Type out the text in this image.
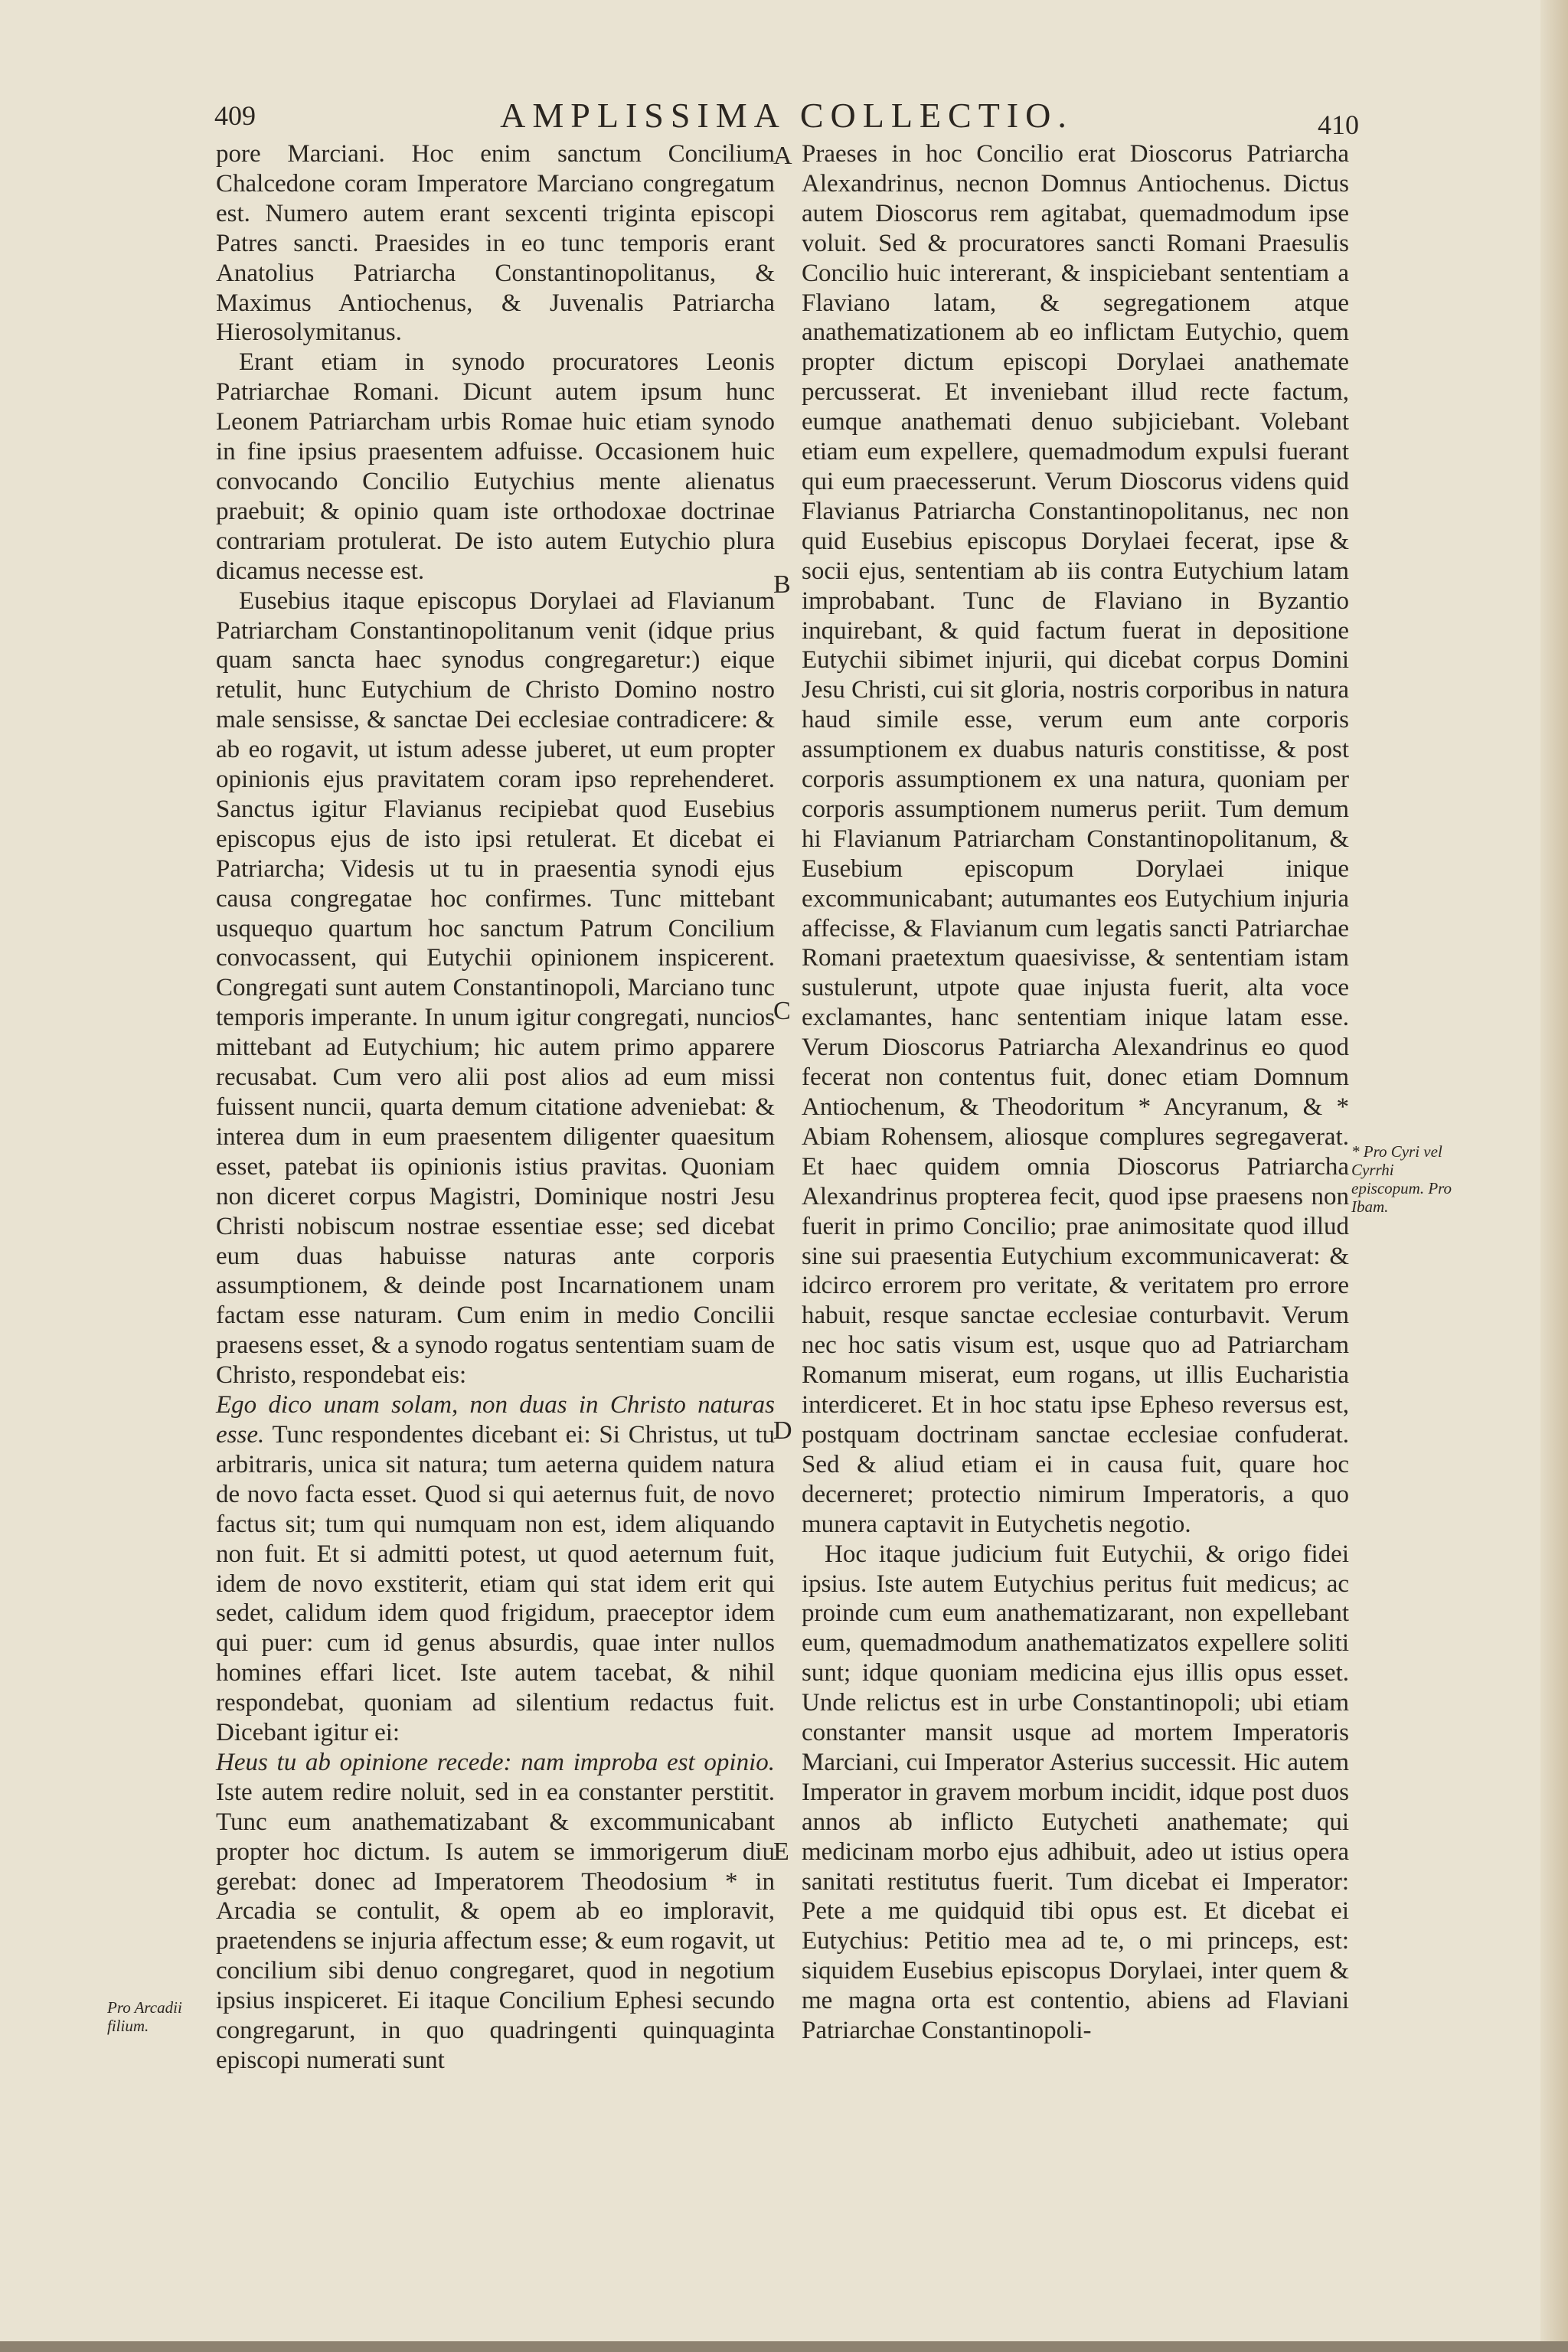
409	AMPLISSIMA COLLECTIO.	410

pore Marciani. Hoc enim sanctum Concilium Chalcedone coram Imperatore Marciano congregatum est. Numero autem erant sexcenti triginta episcopi Patres sancti. Praesides in eo tunc temporis erant Anatolius Patriarcha Constantinopolitanus, & Maximus Antiochenus, & Juvenalis Patriarcha Hierosolymitanus.

Erant etiam in synodo procuratores Leonis Patriarchae Romani. Dicunt autem ipsum hunc Leonem Patriarcham urbis Romae huic etiam synodo in fine ipsius praesentem adfuisse. Occasionem huic convocando Concilio Eutychius mente alienatus praebuit; & opinio quam iste orthodoxae doctrinae contrariam protulerat. De isto autem Eutychio plura dicamus necesse est.

Eusebius itaque episcopus Dorylaei ad Flavianum Patriarcham Constantinopolitanum venit (idque prius quam sancta haec synodus congregaretur:) eique retulit, hunc Eutychium de Christo Domino nostro male sensisse, & sanctae Dei ecclesiae contradicere: & ab eo rogavit, ut istum adesse juberet, ut eum propter opinionis ejus pravitatem coram ipso reprehenderet. Sanctus igitur Flavianus recipiebat quod Eusebius episcopus ejus de isto ipsi retulerat. Et dicebat ei Patriarcha; Videsis ut tu in praesentia synodi ejus causa congregatae hoc confirmes. Tunc mittebant usquequo quartum hoc sanctum Patrum Concilium convocassent, qui Eutychii opinionem inspicerent. Congregati sunt autem Constantinopoli, Marciano tunc temporis imperante. In unum igitur congregati, nuncios mittebant ad Eutychium; hic autem primo apparere recusabat. Cum vero alii post alios ad eum missi fuissent nuncii, quarta demum citatione adveniebat: & interea dum in eum praesentem diligenter quaesitum esset, patebat iis opinionis istius pravitas. Quoniam non diceret corpus Magistri, Dominique nostri Jesu Christi nobiscum nostrae essentiae esse; sed dicebat eum duas habuisse naturas ante corporis assumptionem, & deinde post Incarnationem unam factam esse naturam. Cum enim in medio Concilii praesens esset, & a synodo rogatus sententiam suam de Christo, respondebat eis:

Ego dico unam solam, non duas in Christo naturas esse. Tunc respondentes dicebant ei: Si Christus, ut tu arbitraris, unica sit natura; tum aeterna quidem natura de novo facta esset. Quod si qui aeternus fuit, de novo factus sit; tum qui numquam non est, idem aliquando non fuit. Et si admitti potest, ut quod aeternum fuit, idem de novo exstiterit, etiam qui stat idem erit qui sedet, calidum idem quod frigidum, praeceptor idem qui puer: cum id genus absurdis, quae inter nullos homines effari licet. Iste autem tacebat, & nihil respondebat, quoniam ad silentium redactus fuit. Dicebant igitur ei:

Heus tu ab opinione recede: nam improba est opinio. Iste autem redire noluit, sed in ea constanter perstitit. Tunc eum anathematizabant & excommunicabant propter hoc dictum. Is autem se immorigerum diu gerebat: donec ad Imperatorem Theodosium * in Arcadia se contulit, & opem ab eo imploravit, praetendens se injuria affectum esse; & eum rogavit, ut concilium sibi denuo congregaret, quod in negotium ipsius inspiceret. Ei itaque Concilium Ephesi secundo congregarunt, in quo quadringenti quinquaginta episcopi numerati sunt

Praeses in hoc Concilio erat Dioscorus Patriarcha Alexandrinus, necnon Domnus Antiochenus. Dictus autem Dioscorus rem agitabat, quemadmodum ipse voluit. Sed & procuratores sancti Romani Praesulis Concilio huic intererant, & inspiciebant sententiam a Flaviano latam, & segregationem atque anathematizationem ab eo inflictam Eutychio, quem propter dictum episcopi Dorylaei anathemate percusserat. Et inveniebant illud recte factum, eumque anathemati denuo subjiciebant. Volebant etiam eum expellere, quemadmodum expulsi fuerant qui eum praecesserunt. Verum Dioscorus videns quid Flavianus Patriarcha Constantinopolitanus, nec non quid Eusebius episcopus Dorylaei fecerat, ipse & socii ejus, sententiam ab iis contra Eutychium latam improbabant. Tunc de Flaviano in Byzantio inquirebant, & quid factum fuerat in depositione Eutychii sibimet injurii, qui dicebat corpus Domini Jesu Christi, cui sit gloria, nostris corporibus in natura haud simile esse, verum eum ante corporis assumptionem ex duabus naturis constitisse, & post corporis assumptionem ex una natura, quoniam per corporis assumptionem numerus periit. Tum demum hi Flavianum Patriarcham Constantinopolitanum, & Eusebium episcopum Dorylaei inique excommunicabant; autumantes eos Eutychium injuria affecisse, & Flavianum cum legatis sancti Patriarchae Romani praetextum quaesivisse, & sententiam istam sustulerunt, utpote quae injusta fuerit, alta voce exclamantes, hanc sententiam inique latam esse. Verum Dioscorus Patriarcha Alexandrinus eo quod fecerat non contentus fuit, donec etiam Domnum Antiochenum, & Theodoritum * Ancyranum, & * Abiam Rohensem, aliosque complures segregaverat. Et haec quidem omnia Dioscorus Patriarcha Alexandrinus propterea fecit, quod ipse praesens non fuerit in primo Concilio; prae animositate quod illud sine sui praesentia Eutychium excommunicaverat: & idcirco errorem pro veritate, & veritatem pro errore habuit, resque sanctae ecclesiae conturbavit. Verum nec hoc satis visum est, usque quo ad Patriarcham Romanum miserat, eum rogans, ut illis Eucharistia interdiceret. Et in hoc statu ipse Epheso reversus est, postquam doctrinam sanctae ecclesiae confuderat. Sed & aliud etiam ei in causa fuit, quare hoc decerneret; protectio nimirum Imperatoris, a quo munera captavit in Eutychetis negotio.

Hoc itaque judicium fuit Eutychii, & origo fidei ipsius. Iste autem Eutychius peritus fuit medicus; ac proinde cum eum anathematizarant, non expellebant eum, quemadmodum anathematizatos expellere soliti sunt; idque quoniam medicina ejus illis opus esset. Unde relictus est in urbe Constantinopoli; ubi etiam constanter mansit usque ad mortem Imperatoris Marciani, cui Imperator Asterius successit. Hic autem Imperator in gravem morbum incidit, idque post duos annos ab inflicto Eutycheti anathemate; qui medicinam morbo ejus adhibuit, adeo ut istius opera sanitati restitutus fuerit. Tum dicebat ei Imperator: Pete a me quidquid tibi opus est. Et dicebat ei Eutychius: Petitio mea ad te, o mi princeps, est: siquidem Eusebius episcopus Dorylaei, inter quem & me magna orta est contentio, abiens ad Flaviani Patriarchae Constantinopoli-

A
B
C
D
E
Pro Arcadii filium.
* Pro Cyri vel Cyrrhi episcopum. Pro Ibam.
